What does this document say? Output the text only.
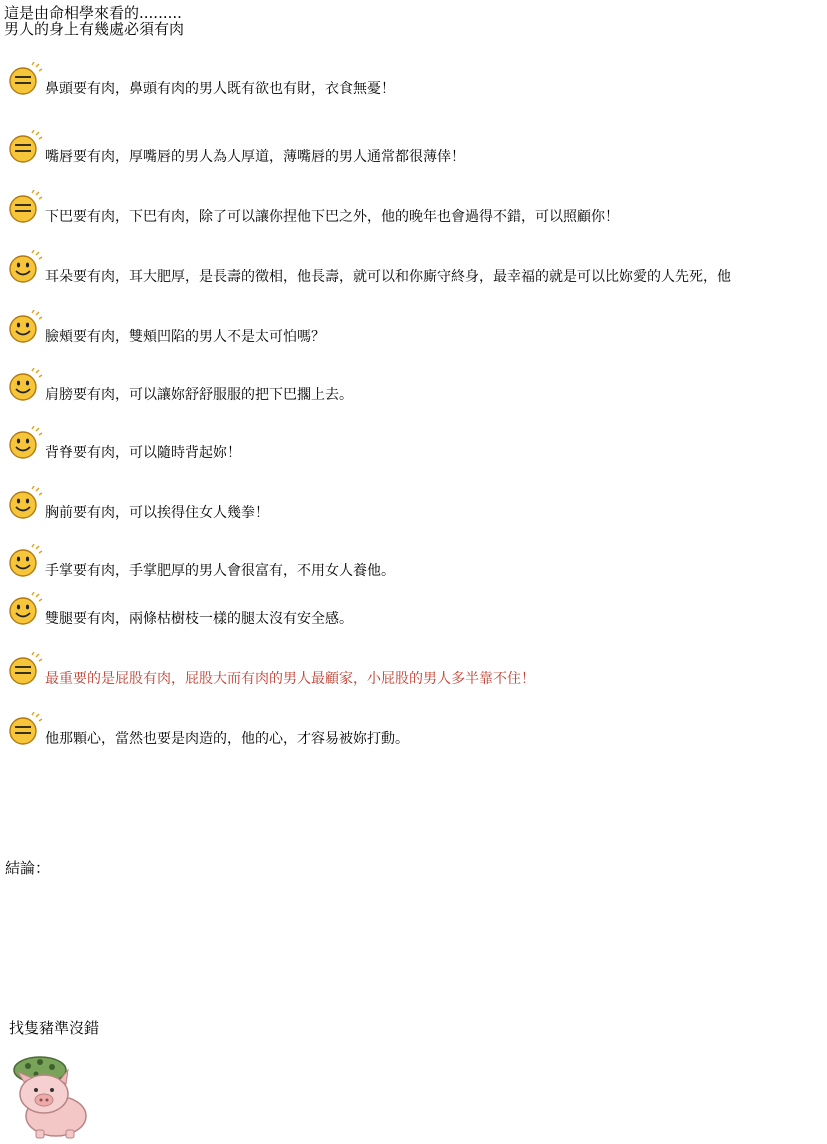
這是由命相學來看的.........
男人的身上有幾處必須有肉
鼻頭要有肉，鼻頭有肉的男人既有欲也有財，衣食無憂！
嘴唇要有肉，厚嘴唇的男人為人厚道，薄嘴唇的男人通常都很薄倖！
下巴要有肉，下巴有肉，除了可以讓你捏他下巴之外，他的晚年也會過得不錯，可以照顧你！
耳朵要有肉，耳大肥厚，是長壽的徵相，他長壽，就可以和你廝守終身，最幸福的就是可以比妳愛的人先死，他
臉頰要有肉，雙頰凹陷的男人不是太可怕嗎？
肩膀要有肉，可以讓妳舒舒服服的把下巴擱上去。
背脊要有肉，可以隨時背起妳！
胸前要有肉，可以挨得住女人幾拳！
手掌要有肉，手掌肥厚的男人會很富有，不用女人養他。
雙腿要有肉，兩條枯樹枝一樣的腿太沒有安全感。
最重要的是屁股有肉，屁股大而有肉的男人最顧家，小屁股的男人多半靠不住！
他那顆心，當然也要是肉造的，他的心，才容易被妳打動。
結論：
找隻豬準沒錯
